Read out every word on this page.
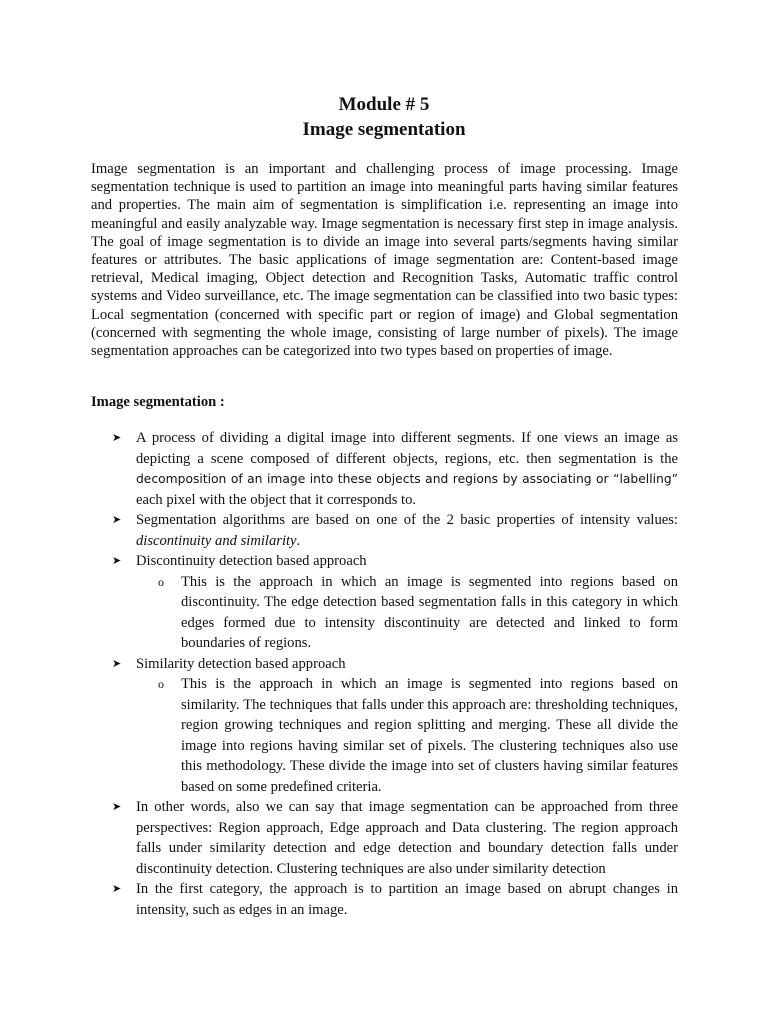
Module # 5
Image segmentation

Image segmentation is an important and challenging process of image processing. Image segmentation technique is used to partition an image into meaningful parts having similar features and properties. The main aim of segmentation is simplification i.e. representing an image into meaningful and easily analyzable way. Image segmentation is necessary first step in image analysis. The goal of image segmentation is to divide an image into several parts/segments having similar features or attributes. The basic applications of image segmentation are: Content-based image retrieval, Medical imaging, Object detection and Recognition Tasks, Automatic traffic control systems and Video surveillance, etc. The image segmentation can be classified into two basic types: Local segmentation (concerned with specific part or region of image) and Global segmentation (concerned with segmenting the whole image, consisting of large number of pixels). The image segmentation approaches can be categorized into two types based on properties of image.

Image segmentation :

➤	A process of dividing a digital image into different segments. If one views an image as depicting a scene composed of different objects, regions, etc. then segmentation is the decomposition of an image into these objects and regions by associating or “labelling” each pixel with the object that it corresponds to.
➤	Segmentation algorithms are based on one of the 2 basic properties of intensity values: discontinuity and similarity.
➤	Discontinuity detection based approach
o This is the approach in which an image is segmented into regions based on discontinuity. The edge detection based segmentation falls in this category in which edges formed due to intensity discontinuity are detected and linked to form boundaries of regions.
➤	Similarity detection based approach
o This is the approach in which an image is segmented into regions based on similarity. The techniques that falls under this approach are: thresholding techniques, region growing techniques and region splitting and merging. These all divide the image into regions having similar set of pixels. The clustering techniques also use this methodology. These divide the image into set of clusters having similar features based on some predefined criteria.
➤	In other words, also we can say that image segmentation can be approached from three perspectives: Region approach, Edge approach and Data clustering. The region approach falls under similarity detection and edge detection and boundary detection falls under discontinuity detection. Clustering techniques are also under similarity detection
➤	In the first category, the approach is to partition an image based on abrupt changes in intensity, such as edges in an image.
